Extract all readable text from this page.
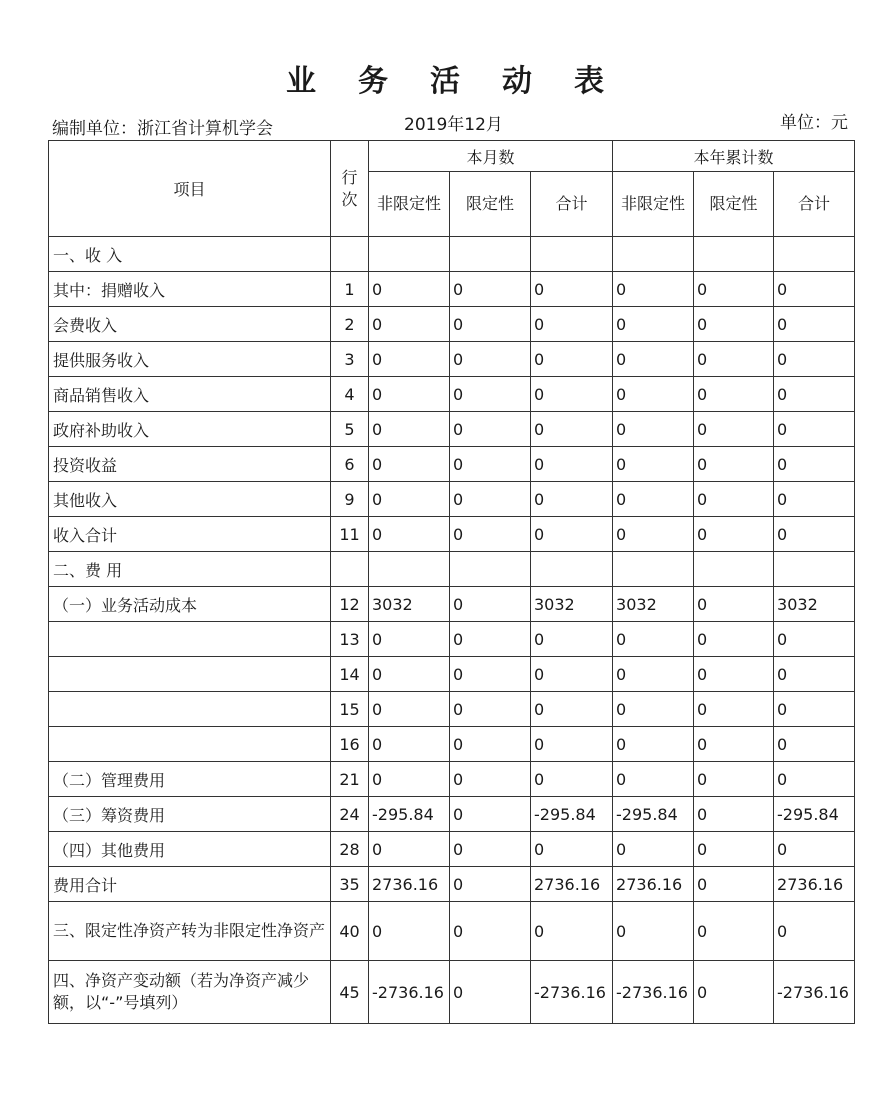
业务活动表
编制单位：浙江省计算机学会	2019年12月	单位：元
项目	行次	本月数			本年累计数		
		非限定性	限定性	合计	非限定性	限定性	合计
一、收 入							
其中：捐赠收入	1	0	0	0	0	0	0
会费收入	2	0	0	0	0	0	0
提供服务收入	3	0	0	0	0	0	0
商品销售收入	4	0	0	0	0	0	0
政府补助收入	5	0	0	0	0	0	0
投资收益	6	0	0	0	0	0	0
其他收入	9	0	0	0	0	0	0
收入合计	11	0	0	0	0	0	0
二、费 用							
（一）业务活动成本	12	3032	0	3032	3032	0	3032
	13	0	0	0	0	0	0
	14	0	0	0	0	0	0
	15	0	0	0	0	0	0
	16	0	0	0	0	0	0
（二）管理费用	21	0	0	0	0	0	0
（三）筹资费用	24	-295.84	0	-295.84	-295.84	0	-295.84
（四）其他费用	28	0	0	0	0	0	0
费用合计	35	2736.16	0	2736.16	2736.16	0	2736.16
三、限定性净资产转为非限定性净资产	40	0	0	0	0	0	0
四、净资产变动额（若为净资产减少额，以“-”号填列）	45	-2736.16	0	-2736.16	-2736.16	0	-2736.16
